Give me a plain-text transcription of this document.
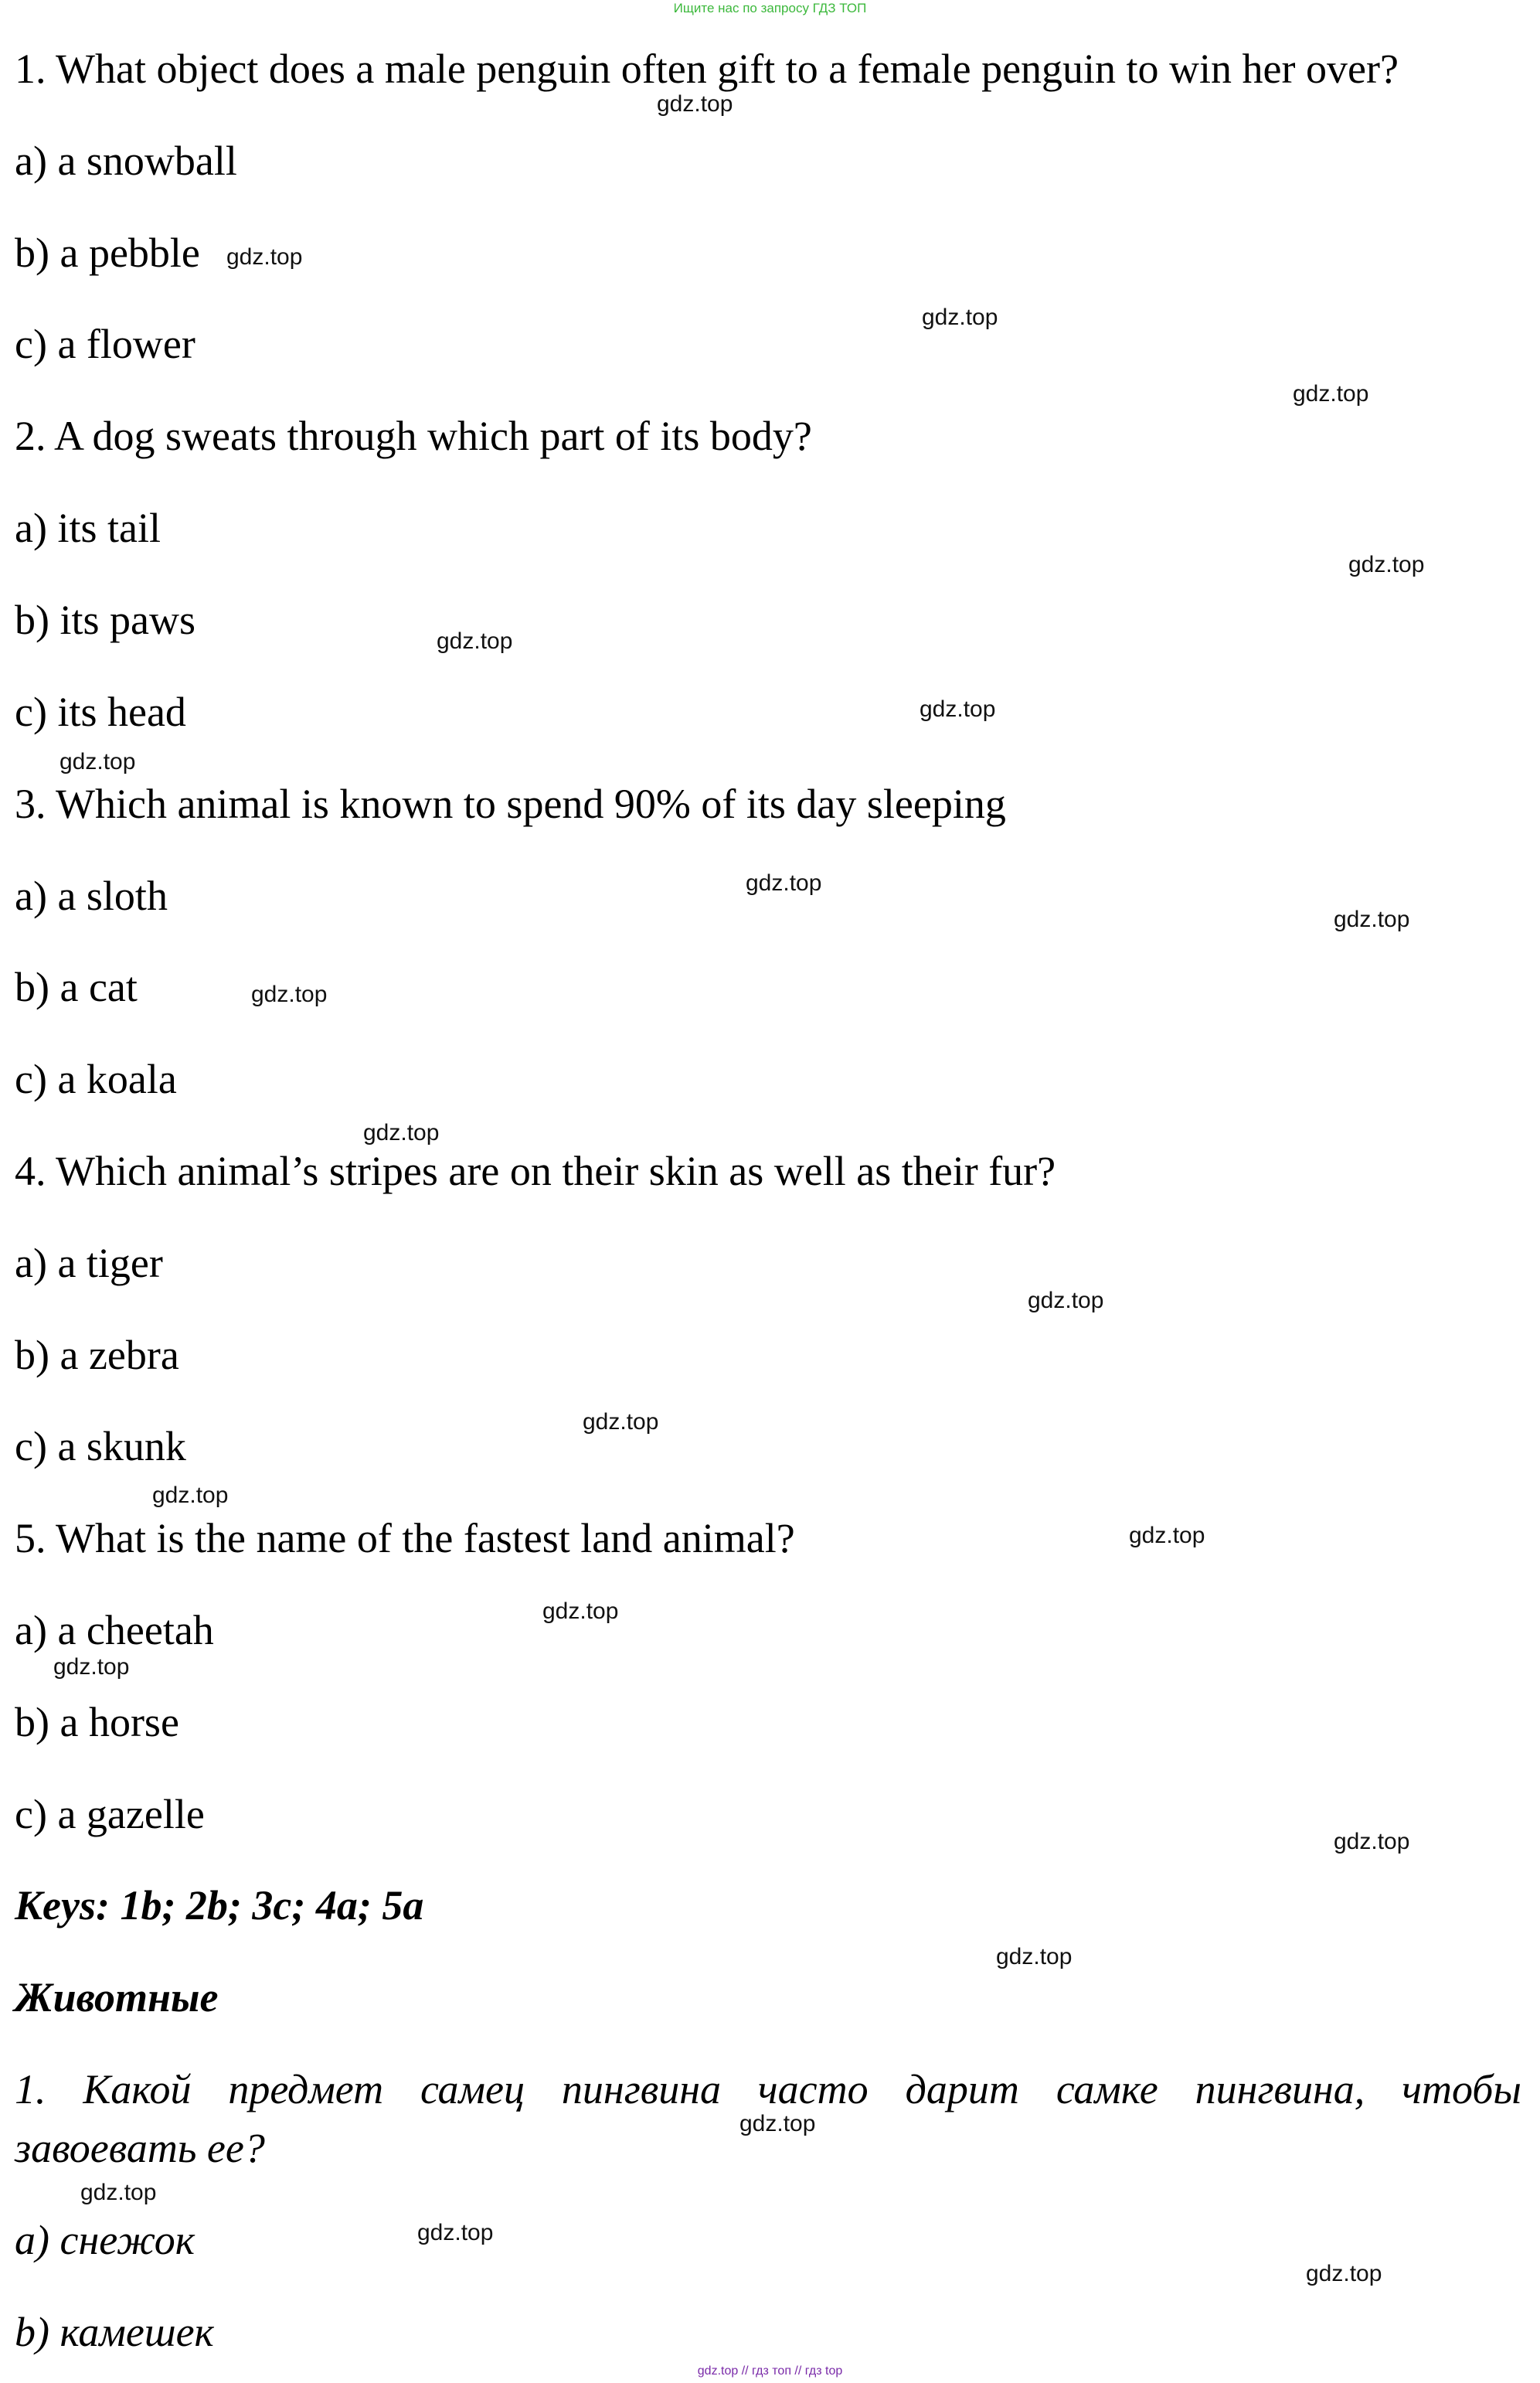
Ищите нас по запросу ГДЗ ТОП
1. What object does a male penguin often gift to a female penguin to win her over?
a) a snowball
b) a pebble
c) a flower
2. A dog sweats through which part of its body?
a) its tail
b) its paws
c) its head
3. Which animal is known to spend 90% of its day sleeping
a) a sloth
b) a cat
c) a koala
4. Which animal’s stripes are on their skin as well as their fur?
a) a tiger
b) a zebra
c) a skunk
5. What is the name of the fastest land animal?
a) a cheetah
b) a horse
c) a gazelle
Keys: 1b; 2b; 3c; 4a; 5a
Животные
1. Какой предмет самец пингвина часто дарит самке пингвина, чтобы
завоевать ее?
а) снежок
b) камешек
gdz.top
gdz.top
gdz.top
gdz.top
gdz.top
gdz.top
gdz.top
gdz.top
gdz.top
gdz.top
gdz.top
gdz.top
gdz.top
gdz.top
gdz.top
gdz.top
gdz.top
gdz.top
gdz.top
gdz.top
gdz.top
gdz.top
gdz.top
gdz.top
gdz.top // гдз топ // гдз top
